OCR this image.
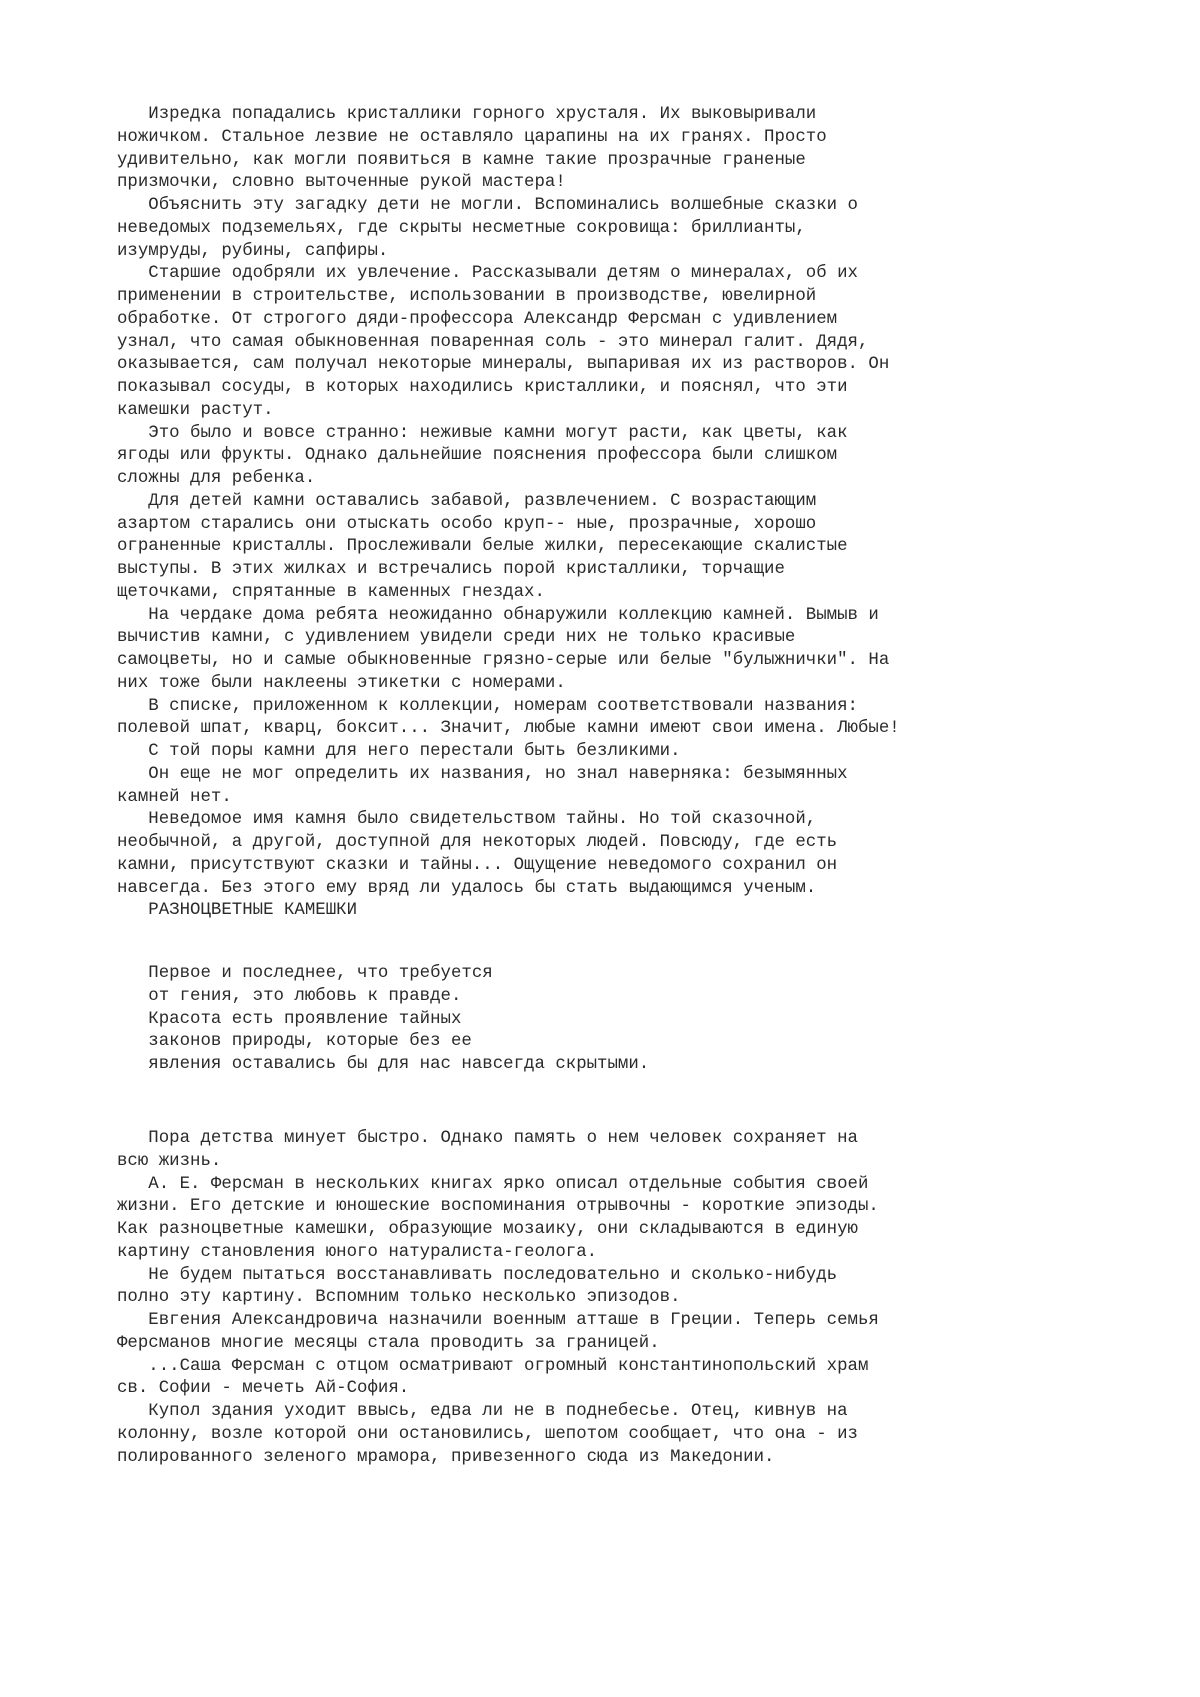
Изредка попадались кристаллики горного хрусталя. Их выковыривали
ножичком. Стальное лезвие не оставляло царапины на их гранях. Просто
удивительно, как могли появиться в камне такие прозрачные граненые
призмочки, словно выточенные рукой мастера!
Объяснить эту загадку дети не могли. Вспоминались волшебные сказки о
неведомых подземельях, где скрыты несметные сокровища: бриллианты,
изумруды, рубины, сапфиры.
Старшие одобряли их увлечение. Рассказывали детям о минералах, об их
применении в строительстве, использовании в производстве, ювелирной
обработке. От строгого дяди-профессора Александр Ферсман с удивлением
узнал, что самая обыкновенная поваренная соль - это минерал галит. Дядя,
оказывается, сам получал некоторые минералы, выпаривая их из растворов. Он
показывал сосуды, в которых находились кристаллики, и пояснял, что эти
камешки растут.
Это было и вовсе странно: неживые камни могут расти, как цветы, как
ягоды или фрукты. Однако дальнейшие пояснения профессора были слишком
сложны для ребенка.
Для детей камни оставались забавой, развлечением. С возрастающим
азартом старались они отыскать особо круп-- ные, прозрачные, хорошо
ограненные кристаллы. Прослеживали белые жилки, пересекающие скалистые
выступы. В этих жилках и встречались порой кристаллики, торчащие
щеточками, спрятанные в каменных гнездах.
На чердаке дома ребята неожиданно обнаружили коллекцию камней. Вымыв и
вычистив камни, с удивлением увидели среди них не только красивые
самоцветы, но и самые обыкновенные грязно-серые или белые "булыжнички". На
них тоже были наклеены этикетки с номерами.
В списке, приложенном к коллекции, номерам соответствовали названия:
полевой шпат, кварц, боксит... Значит, любые камни имеют свои имена. Любые!
С той поры камни для него перестали быть безликими.
Он еще не мог определить их названия, но знал наверняка: безымянных
камней нет.
Неведомое имя камня было свидетельством тайны. Но той сказочной,
необычной, а другой, доступной для некоторых людей. Повсюду, где есть
камни, присутствуют сказки и тайны... Ощущение неведомого сохранил он
навсегда. Без этого ему вряд ли удалось бы стать выдающимся ученым.
РАЗНОЦВЕТНЫЕ КАМЕШКИ
Первое и последнее, что требуется
от гения, это любовь к правде.
Красота есть проявление тайных
законов природы, которые без ее
явления оставались бы для нас навсегда скрытыми.
Пора детства минует быстро. Однако память о нем человек сохраняет на
всю жизнь.
А. Е. Ферсман в нескольких книгах ярко описал отдельные события своей
жизни. Его детские и юношеские воспоминания отрывочны - короткие эпизоды.
Как разноцветные камешки, образующие мозаику, они складываются в единую
картину становления юного натуралиста-геолога.
Не будем пытаться восстанавливать последовательно и сколько-нибудь
полно эту картину. Вспомним только несколько эпизодов.
Евгения Александровича назначили военным атташе в Греции. Теперь семья
Ферсманов многие месяцы стала проводить за границей.
...Саша Ферсман с отцом осматривают огромный константинопольский храм
св. Софии - мечеть Ай-София.
Купол здания уходит ввысь, едва ли не в поднебесье. Отец, кивнув на
колонну, возле которой они остановились, шепотом сообщает, что она - из
полированного зеленого мрамора, привезенного сюда из Македонии.
